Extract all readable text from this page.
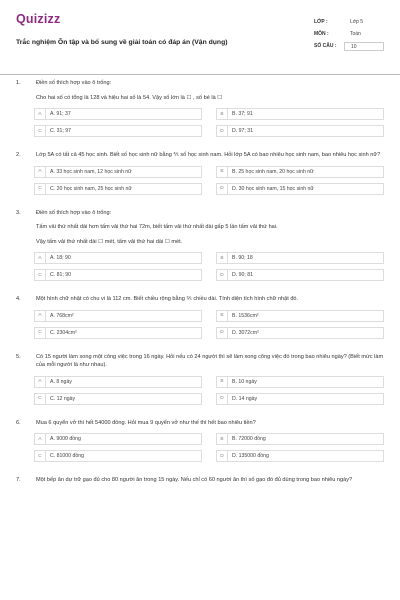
Quizizz
Trắc nghiệm Ôn tập và bổ sung về giải toán có đáp án (Vận dụng)
LỚP :	Lớp 5
MÔN :	Toán
SỐ CÂU :	10
1.	Điền số thích hợp vào ô trống:
Cho hai số có tổng là 128 và hiệu hai số là 54. Vậy số lớn là ☐ , số bé là ☐
A	A. 91; 37	B	B. 37; 91
C	C. 31; 97	D	D. 97; 31
2.	Lớp 5A có tất cả 45 học sinh. Biết số học sinh nữ bằng ⅘ số học sinh nam. Hỏi lớp 5A có bao nhiêu học sinh nam, bao nhiêu học sinh nữ?
A	A. 33 học sinh nam, 12 học sinh nữ	B	B. 25 học sinh nam, 20 học sinh nữ
C	C. 20 học sinh nam, 25 học sinh nữ	D	D. 30 học sinh nam, 15 học sinh nữ
3.	Điền số thích hợp vào ô trống:
Tấm vải thứ nhất dài hơn tấm vải thứ hai 72m, biết tấm vải thứ nhất dài gấp 5 lần tấm vải thứ hai.
Vậy tấm vải thứ nhất dài ☐ mét, tấm vải thứ hai dài ☐ mét.
A	A. 18; 90	B	B. 90; 18
C	C. 81; 90	D	D. 90; 81
4.	Một hình chữ nhật có chu vi là 112 cm. Biết chiều rộng bằng ⅗ chiều dài. Tính diện tích hình chữ nhật đó.
A	A. 768cm²	B	B. 1536cm²
C	C. 2304cm²	D	D. 3072cm²
5.	Có 15 người làm xong một công việc trong 16 ngày. Hỏi nếu có 24 người thì sẽ làm xong công việc đó trong bao nhiêu ngày? (Biết mức làm của mỗi người là như nhau).
A	A. 8 ngày	B	B. 10 ngày
C	C. 12 ngày	D	D. 14 ngày
6.	Mua 6 quyển vở thì hết 54000 đồng. Hỏi mua 9 quyển vở như thế thì hết bao nhiêu tiền?
A	A. 9000 đồng	B	B. 72000 đồng
C	C. 81000 đồng	D	D. 135000 đồng
7.	Một bếp ăn dự trữ gạo đủ cho 80 người ăn trong 15 ngày. Nếu chỉ có 60 người ăn thì số gạo đó đủ dùng trong bao nhiêu ngày?
